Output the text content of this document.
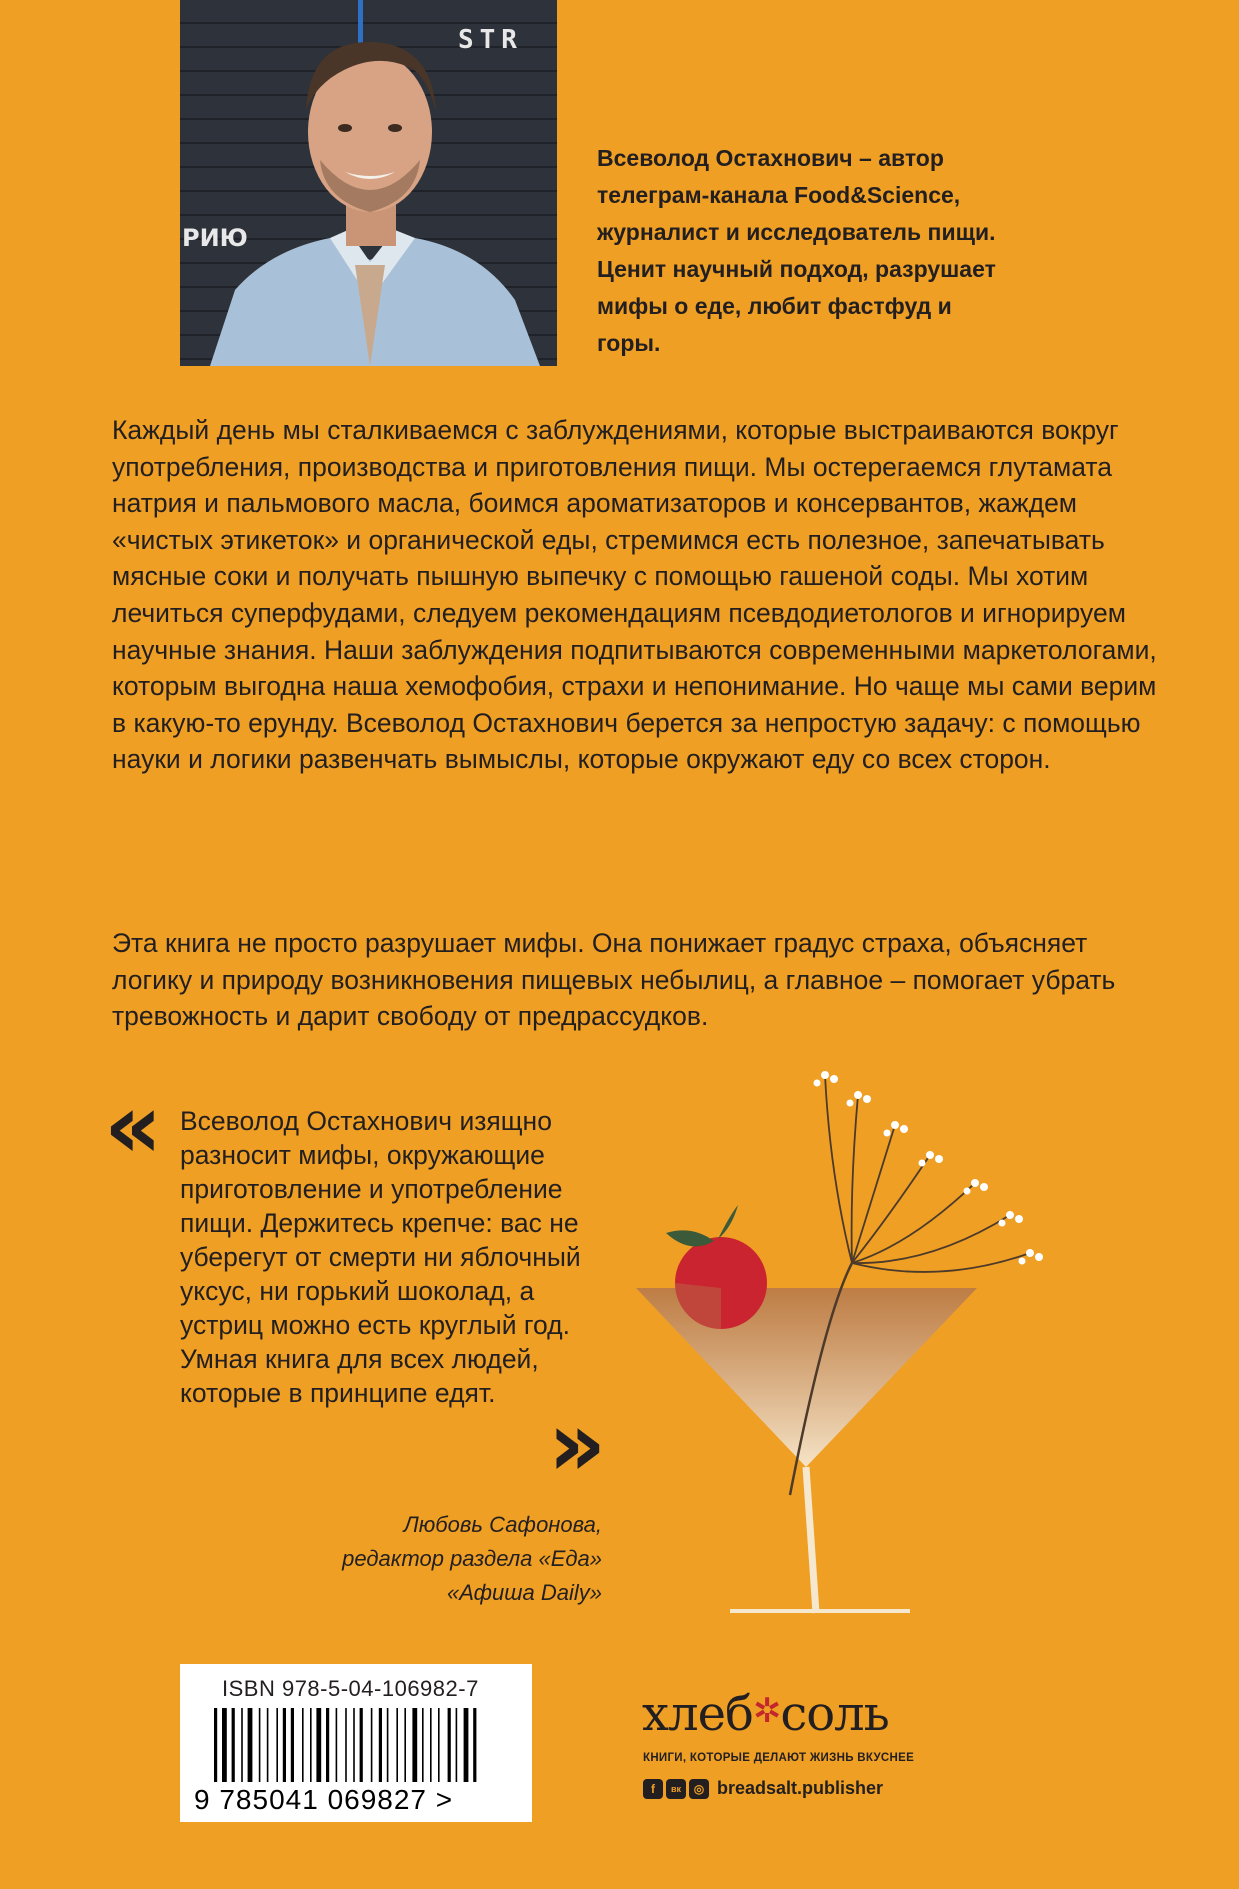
STR
РИЮ

Всеволод Остахнович – автор телеграм-канала Food&Science, журналист и исследователь пищи. Ценит научный подход, разрушает мифы о еде, любит фастфуд и горы.

Каждый день мы сталкиваемся с заблуждениями, которые выстраиваются вокруг употребления, производства и приготовления пищи. Мы остерегаемся глутамата натрия и пальмового масла, боимся ароматизаторов и консервантов, жаждем «чистых этикеток» и органической еды, стремимся есть полезное, запечатывать мясные соки и получать пышную выпечку с помощью гашеной соды. Мы хотим лечиться суперфудами, следуем рекомендациям псевдодиетологов и игнорируем научные знания. Наши заблуждения подпитываются современными маркетологами, которым выгодна наша хемофобия, страхи и непонимание. Но чаще мы сами верим в какую-то ерунду. Всеволод Остахнович берется за непростую задачу: с помощью науки и логики развенчать вымыслы, которые окружают еду со всех сторон.

Эта книга не просто разрушает мифы. Она понижает градус страха, объясняет логику и природу возникновения пищевых небылиц, а главное – помогает убрать тревожность и дарит свободу от предрассудков.

« Всеволод Остахнович изящно разносит мифы, окружающие приготовление и употребление пищи. Держитесь крепче: вас не уберегут от смерти ни яблочный уксус, ни горький шоколад, а устриц можно есть круглый год. Умная книга для всех людей, которые в принципе едят. »

Любовь Сафонова,
редактор раздела «Еда»
«Афиша Daily»

ISBN 978-5-04-106982-7
9 785041 069827 >
хлеб✲соль
КНИГИ, КОТОРЫЕ ДЕЛАЮТ ЖИЗНЬ ВКУСНЕЕ
f	вк	◎ breadsalt.publisher
